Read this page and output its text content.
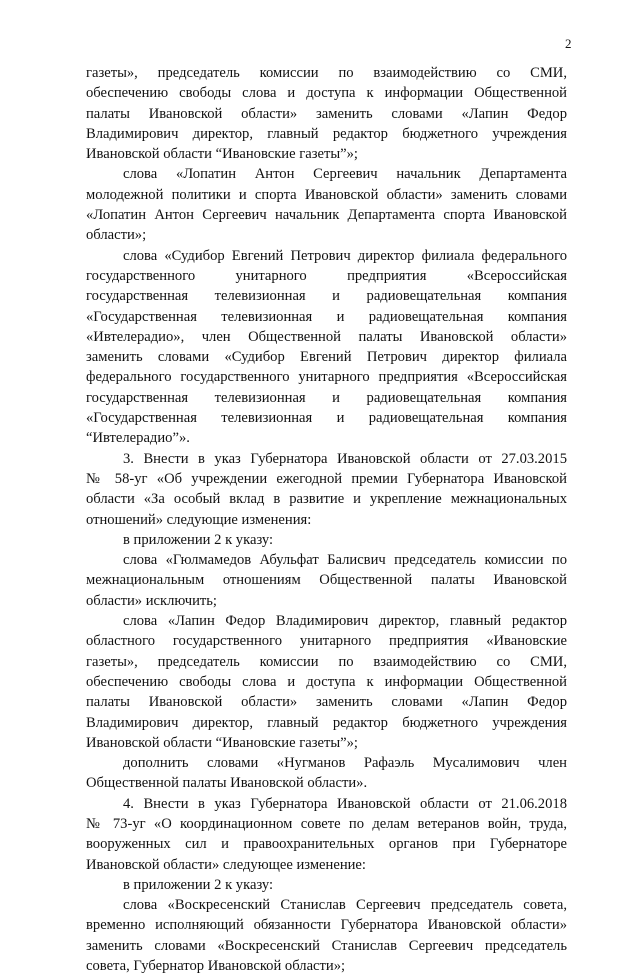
2
газеты», председатель комиссии по взаимодействию со СМИ,
обеспечению свободы слова и доступа к информации Общественной
палаты Ивановской области» заменить словами «Лапин Федор
Владимирович директор, главный редактор бюджетного учреждения
Ивановской области “Ивановские газеты”»;
слова «Лопатин Антон Сергеевич начальник Департамента
молодежной политики и спорта Ивановской области» заменить словами
«Лопатин Антон Сергеевич начальник Департамента спорта Ивановской
области»;
слова «Судибор Евгений Петрович директор филиала федерального
государственного унитарного предприятия «Всероссийская
государственная телевизионная и радиовещательная компания
«Государственная телевизионная и радиовещательная компания
«Ивтелерадио», член Общественной палаты Ивановской области»
заменить словами «Судибор Евгений Петрович директор филиала
федерального государственного унитарного предприятия «Всероссийская
государственная телевизионная и радиовещательная компания
«Государственная телевизионная и радиовещательная компания
“Ивтелерадио”».
3. Внести в указ Губернатора Ивановской области от 27.03.2015
№ 58-уг «Об учреждении ежегодной премии Губернатора Ивановской
области «За особый вклад в развитие и укрепление межнациональных
отношений» следующие изменения:
в приложении 2 к указу:
слова «Гюлмамедов Абульфат Балисвич председатель комиссии по
межнациональным отношениям Общественной палаты Ивановской
области» исключить;
слова «Лапин Федор Владимирович директор, главный редактор
областного государственного унитарного предприятия «Ивановские
газеты», председатель комиссии по взаимодействию со СМИ,
обеспечению свободы слова и доступа к информации Общественной
палаты Ивановской области» заменить словами «Лапин Федор
Владимирович директор, главный редактор бюджетного учреждения
Ивановской области “Ивановские газеты”»;
дополнить словами «Нугманов Рафаэль Мусалимович член
Общественной палаты Ивановской области».
4. Внести в указ Губернатора Ивановской области от 21.06.2018
№ 73-уг «О координационном совете по делам ветеранов войн, труда,
вооруженных сил и правоохранительных органов при Губернаторе
Ивановской области» следующее изменение:
в приложении 2 к указу:
слова «Воскресенский Станислав Сергеевич председатель совета,
временно исполняющий обязанности Губернатора Ивановской области»
заменить словами «Воскресенский Станислав Сергеевич председатель
совета, Губернатор Ивановской области»;
